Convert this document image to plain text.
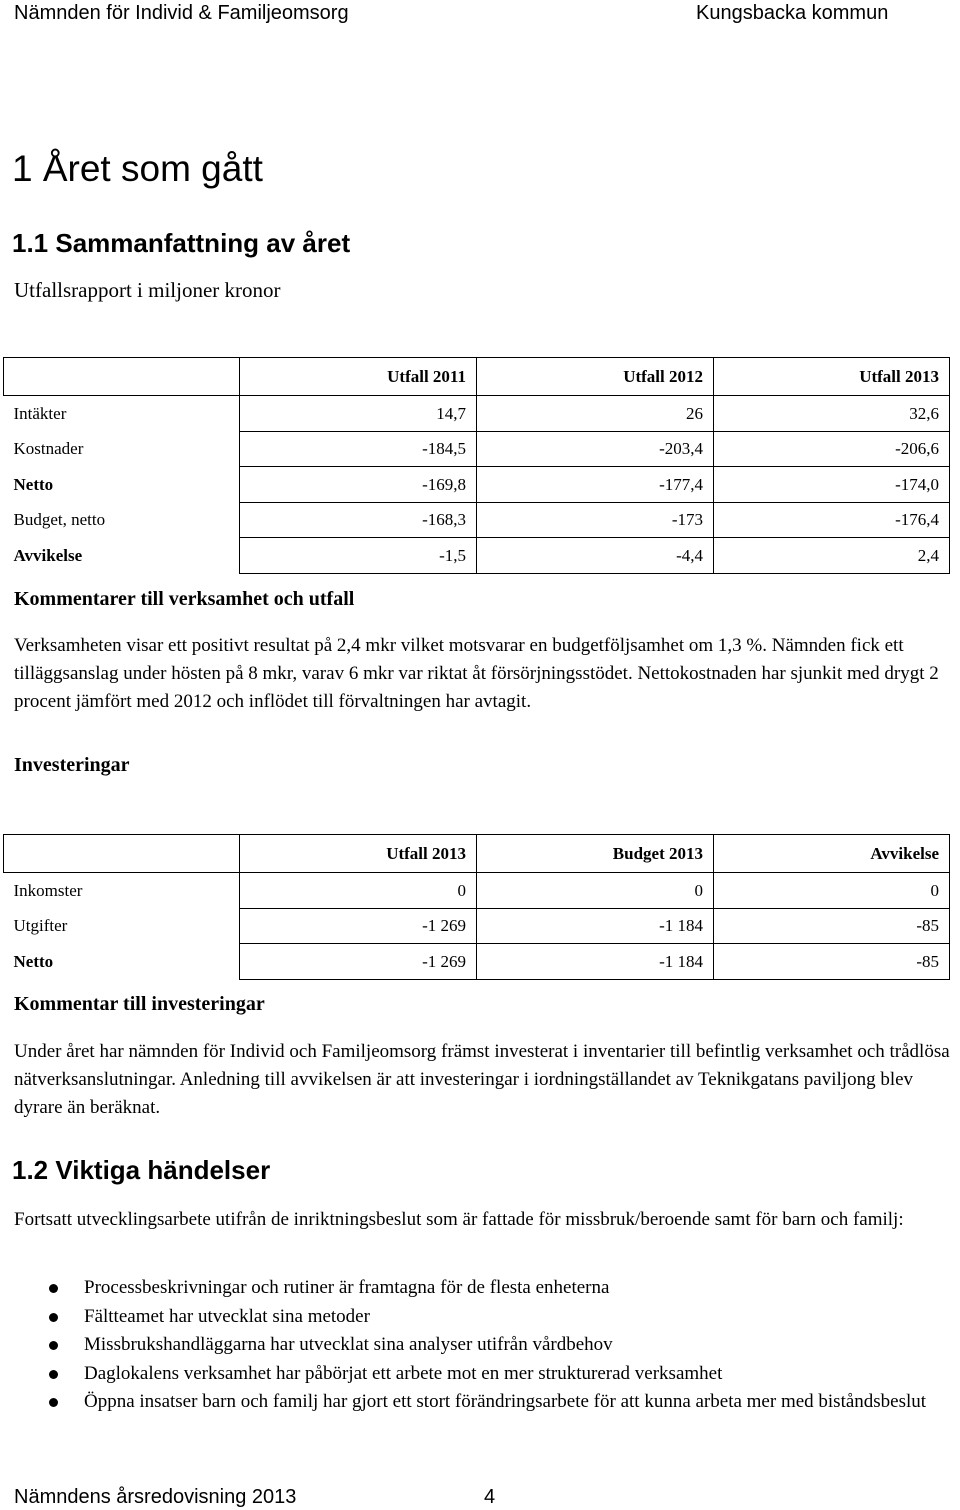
Nämnden för Individ & Familjeomsorg	Kungsbacka kommun
1 Året som gått
1.1 Sammanfattning av året
Utfallsrapport i miljoner kronor
	Utfall 2011	Utfall 2012	Utfall 2013
Intäkter	14,7	26	32,6
Kostnader	-184,5	-203,4	-206,6
Netto	-169,8	-177,4	-174,0
Budget, netto	-168,3	-173	-176,4
Avvikelse	-1,5	-4,4	2,4
Kommentarer till verksamhet och utfall
Verksamheten visar ett positivt resultat på 2,4 mkr vilket motsvarar en budgetföljsamhet om 1,3 %. Nämnden fick ett tilläggsanslag under hösten på 8 mkr, varav 6 mkr var riktat åt försörjningsstödet. Nettokostnaden har sjunkit med drygt 2 procent jämfört med 2012 och inflödet till förvaltningen har avtagit.
Investeringar
	Utfall 2013	Budget 2013	Avvikelse
Inkomster	0	0	0
Utgifter	-1 269	-1 184	-85
Netto	-1 269	-1 184	-85
Kommentar till investeringar
Under året har nämnden för Individ och Familjeomsorg främst investerat i inventarier till befintlig verksamhet och trådlösa nätverksanslutningar. Anledning till avvikelsen är att investeringar i iordningställandet av Teknikgatans paviljong blev dyrare än beräknat.
1.2 Viktiga händelser
Fortsatt utvecklingsarbete utifrån de inriktningsbeslut som är fattade för missbruk/beroende samt för barn och familj:
Processbeskrivningar och rutiner är framtagna för de flesta enheterna
Fältteamet har utvecklat sina metoder
Missbrukshandläggarna har utvecklat sina analyser utifrån vårdbehov
Daglokalens verksamhet har påbörjat ett arbete mot en mer strukturerad verksamhet
Öppna insatser barn och familj har gjort ett stort förändringsarbete för att kunna arbeta mer med biståndsbeslut
Nämndens årsredovisning 2013	4
